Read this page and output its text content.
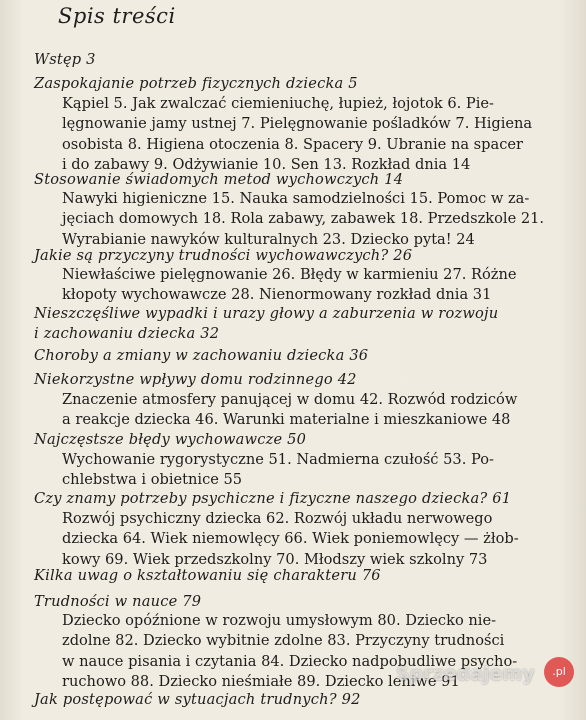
Spis treści
Wstęp 3
Zaspokajanie potrzeb fizycznych dziecka 5
Kąpiel 5. Jak zwalczać ciemieniuchę, łupież, łojotok 6. Pie-
lęgnowanie jamy ustnej 7. Pielęgnowanie pośladków 7. Higiena
osobista 8. Higiena otoczenia 8. Spacery 9. Ubranie na spacer
i do zabawy 9. Odżywianie 10. Sen 13. Rozkład dnia 14
Stosowanie świadomych metod wychowczych 14
Nawyki higieniczne 15. Nauka samodzielności 15. Pomoc w za-
jęciach domowych 18. Rola zabawy, zabawek 18. Przedszkole 21.
Wyrabianie nawyków kulturalnych 23. Dziecko pyta! 24
Jakie są przyczyny trudności wychowawczych? 26
Niewłaściwe pielęgnowanie 26. Błędy w karmieniu 27. Różne
kłopoty wychowawcze 28. Nienormowany rozkład dnia 31
Nieszczęśliwe wypadki i urazy głowy a zaburzenia w rozwoju
i zachowaniu dziecka 32
Choroby a zmiany w zachowaniu dziecka 36
Niekorzystne wpływy domu rodzinnego 42
Znaczenie atmosfery panującej w domu 42. Rozwód rodziców
a reakcje dziecka 46. Warunki materialne i mieszkaniowe 48
Najczęstsze błędy wychowawcze 50
Wychowanie rygorystyczne 51. Nadmierna czułość 53. Po-
chlebstwa i obietnice 55
Czy znamy potrzeby psychiczne i fizyczne naszego dziecka? 61
Rozwój psychiczny dziecka 62. Rozwój układu nerwowego
dziecka 64. Wiek niemowlęcy 66. Wiek poniemowlęcy — żłob-
kowy 69. Wiek przedszkolny 70. Młodszy wiek szkolny 73
Kilka uwag o kształtowaniu się charakteru 76
Trudności w nauce 79
Dziecko opóźnione w rozwoju umysłowym 80. Dziecko nie-
zdolne 82. Dziecko wybitnie zdolne 83. Przyczyny trudności
w nauce pisania i czytania 84. Dziecko nadpobudliwe psycho-
ruchowo 88. Dziecko nieśmiałe 89. Dziecko leniwe 91
Jak postępować w sytuacjach trudnych? 92
Sprzedajemy	.pl
